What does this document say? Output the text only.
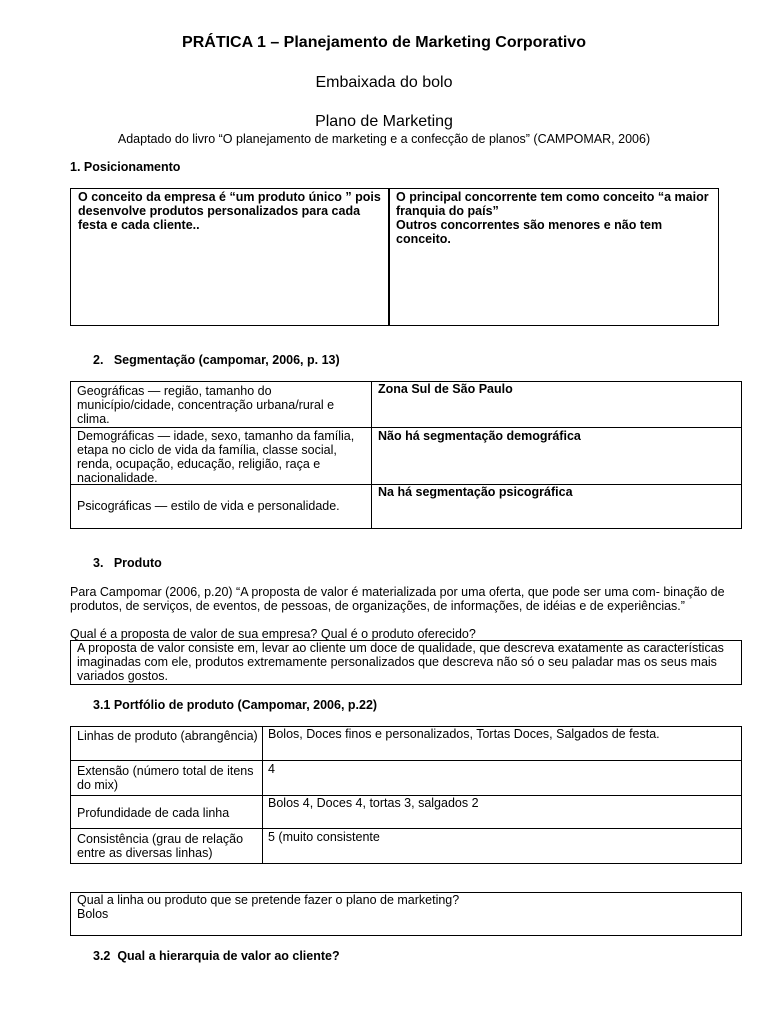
PRÁTICA 1 – Planejamento de Marketing Corporativo
Embaixada do bolo
Plano de Marketing
Adaptado do livro “O planejamento de marketing e a confecção de planos” (CAMPOMAR, 2006)
1. Posicionamento
O conceito da empresa é “um produto único ” pois desenvolve produtos personalizados para cada festa e cada cliente..
O principal concorrente tem como conceito “a maior franquia do país”
Outros concorrentes são menores e não tem conceito.
2.   Segmentação (campomar, 2006, p. 13)
Geográficas — região, tamanho do município/cidade, concentração urbana/rural e clima.
Zona Sul de São Paulo
Demográficas — idade, sexo, tamanho da família, etapa no ciclo de vida da família, classe social, renda, ocupação, educação, religião, raça e nacionalidade.
Não há segmentação demográfica
Psicográficas — estilo de vida e personalidade.
Na há segmentação psicográfica
3.   Produto
Para Campomar (2006, p.20) “A proposta de valor é materializada por uma oferta, que pode ser uma com- binação de produtos, de serviços, de eventos, de pessoas, de organizações, de informações, de idéias e de experiências.”
Qual é a proposta de valor de sua empresa? Qual é o produto oferecido?
A proposta de valor consiste em, levar ao cliente um doce de qualidade, que descreva exatamente as características imaginadas com ele, produtos extremamente personalizados que descreva não só o seu paladar mas os seus mais variados gostos.
3.1 Portfólio de produto (Campomar, 2006, p.22)
Linhas de produto (abrangência) Bolos, Doces finos e personalizados, Tortas Doces, Salgados de festa.
Extensão (número total de itens do mix)
4
Profundidade de cada linha
Bolos 4, Doces 4, tortas 3, salgados 2
Consistência (grau de relação entre as diversas linhas)
5 (muito consistente
Qual a linha ou produto que se pretende fazer o plano de marketing?
Bolos
3.2  Qual a hierarquia de valor ao cliente?
